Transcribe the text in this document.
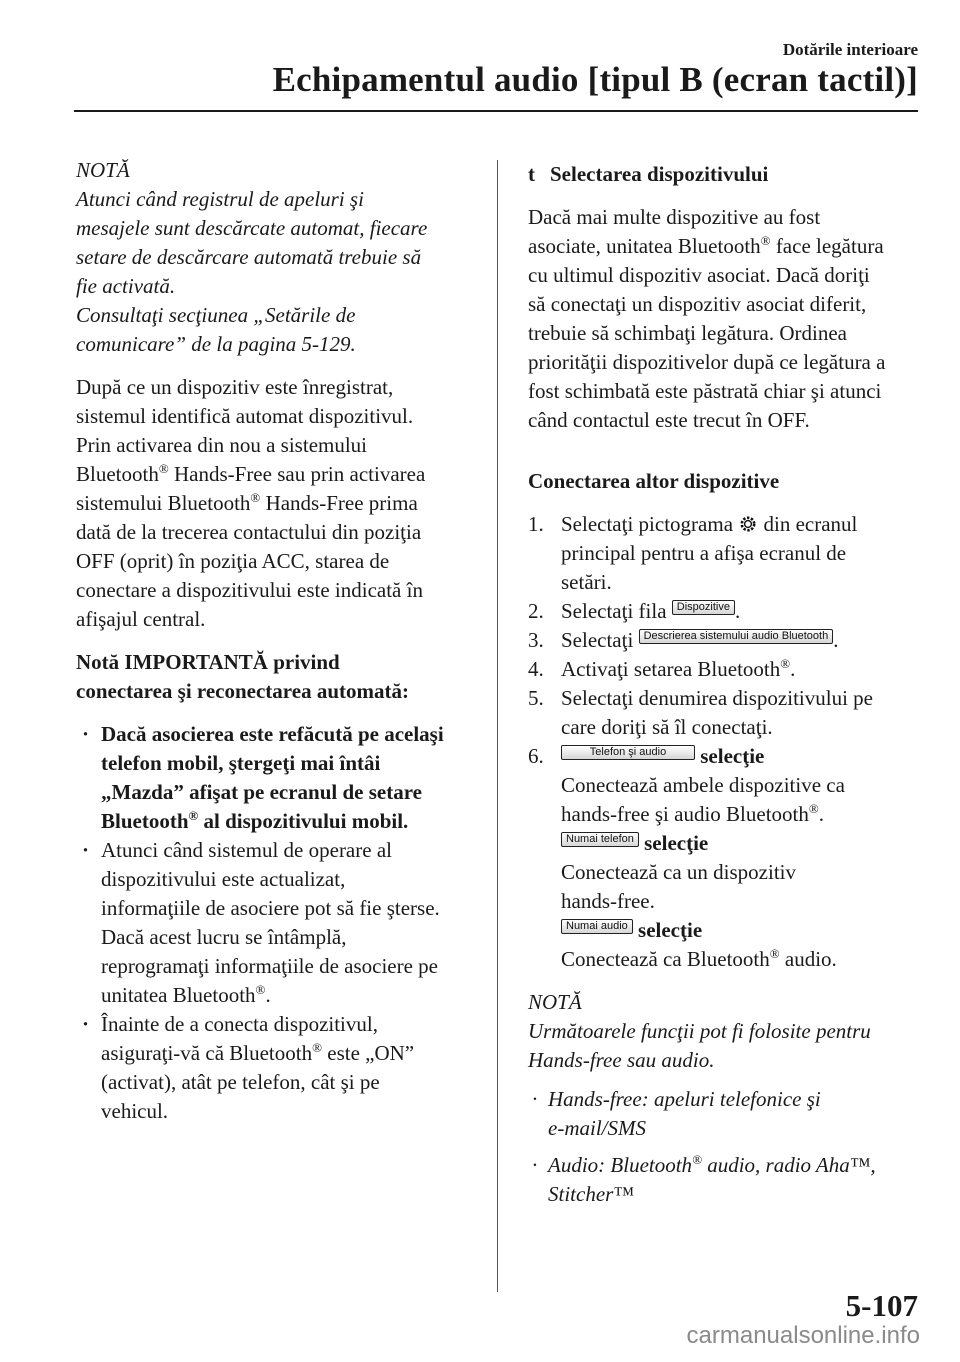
Dotările interioare
Echipamentul audio [tipul B (ecran tactil)]

NOTĂ

Atunci când registrul de apeluri şi

mesajele sunt descărcate automat, fiecare

setare de descărcare automată trebuie să

fie activată.

Consultaţi secţiunea „Setările de

comunicare” de la pagina 5-129.

După ce un dispozitiv este înregistrat,

sistemul identifică automat dispozitivul.

Prin activarea din nou a sistemului

Bluetooth® Hands-Free sau prin activarea

sistemului Bluetooth® Hands-Free prima

dată de la trecerea contactului din poziţia

OFF (oprit) în poziţia ACC, starea de

conectare a dispozitivului este indicată în

afişajul central.

Notă IMPORTANTĂ privind

conectarea şi reconectarea automată:

· Dacă asocierea este refăcută pe acelaşi

telefon mobil, ştergeţi mai întâi

„Mazda” afişat pe ecranul de setare

Bluetooth® al dispozitivului mobil.

· Atunci când sistemul de operare al

dispozitivului este actualizat,

informaţiile de asociere pot să fie şterse.

Dacă acest lucru se întâmplă,

reprogramaţi informaţiile de asociere pe

unitatea Bluetooth®.

· Înainte de a conecta dispozitivul,

asiguraţi-vă că Bluetooth® este „ON”

(activat), atât pe telefon, cât şi pe

vehicul.

t Selectarea dispozitivului

Dacă mai multe dispozitive au fost

asociate, unitatea Bluetooth® face legătura

cu ultimul dispozitiv asociat. Dacă doriţi

să conectaţi un dispozitiv asociat diferit,

trebuie să schimbaţi legătura. Ordinea

priorităţii dispozitivelor după ce legătura a

fost schimbată este păstrată chiar şi atunci

când contactul este trecut în OFF.

Conectarea altor dispozitive

1. Selectaţi pictograma  din ecranul

principal pentru a afişa ecranul de

setări.

2. Selectaţi fila Dispozitive .

3. Selectaţi Descrierea sistemului audio Bluetooth .

4. Activaţi setarea Bluetooth®.

5. Selectaţi denumirea dispozitivului pe

care doriţi să îl conectaţi.

6.	Telefon şi audio selecţie

Conectează ambele dispozitive ca

hands-free şi audio Bluetooth®.

Numai telefon selecţie

Conectează ca un dispozitiv

hands-free.

Numai audio selecţie

Conectează ca Bluetooth® audio.

NOTĂ

Următoarele funcţii pot fi folosite pentru

Hands-free sau audio.

· Hands-free: apeluri telefonice şi

e-mail/SMS

· Audio: Bluetooth® audio, radio Aha™,

Stitcher™

5-107
carmanualsonline.info
